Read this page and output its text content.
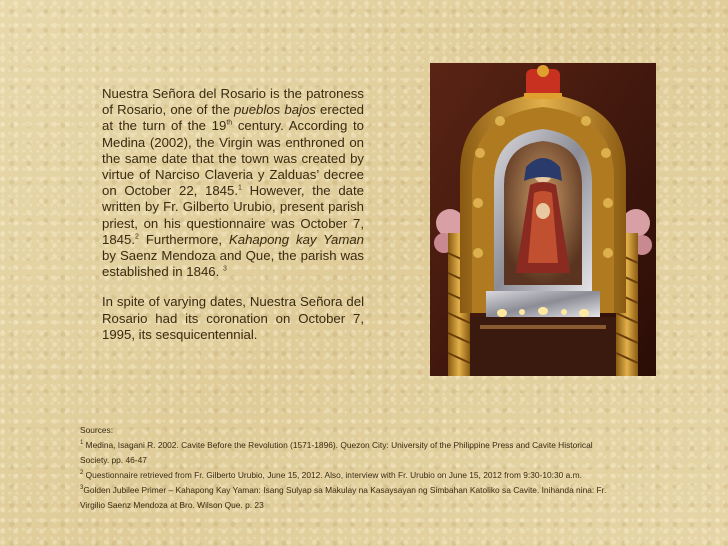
Nuestra Señora del Rosario is the patroness of Rosario, one of the pueblos bajos erected at the turn of the 19th century. According to Medina (2002), the Virgin was enthroned on the same date that the town was created by virtue of Narciso Claveria y Zalduas’ decree on October 22, 1845.$^1$ However, the date written by Fr. Gilberto Urubio, present parish priest, on his questionnaire was October 7, 1845.$^2$ Furthermore, Kahapong kay Yaman by Saenz Mendoza and Que, the parish was established in 1846. $^3$

In spite of varying dates, Nuestra Señora del Rosario had its coronation on October 7, 1995, its sesquicentennial.

Sources:
$^1$ Medina, Isagani R. 2002. Cavite Before the Revolution (1571-1896). Quezon City: University of the Philippine Press and Cavite Historical
Society. pp. 46-47
$^2$ Questionnaire retrieved from Fr. Gilberto Urubio, June 15, 2012. Also, interview with Fr. Urubio on June 15, 2012 from 9:30-10:30 a.m.
$^3$Golden Jubilee Primer – Kahapong Kay Yaman: Isang Sulyap sa Makulay na Kasaysayan ng Simbahan Katoliko sa Cavite. Inihanda nina: Fr.
Virgilio Saenz Mendoza at Bro. Wilson Que. p. 23
